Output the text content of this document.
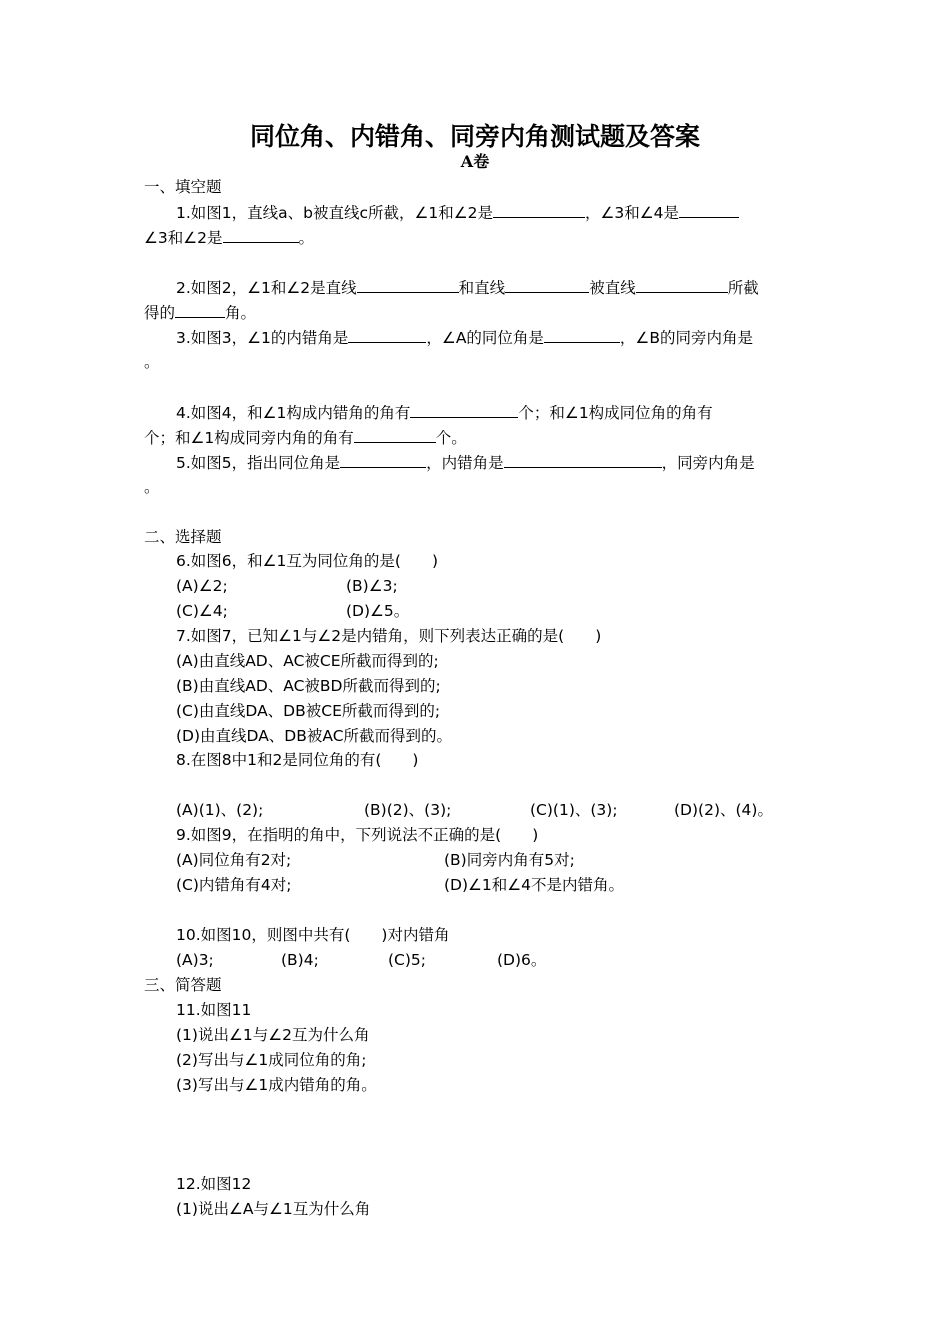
同位角、内错角、同旁内角测试题及答案
A卷
一、填空题
1.如图1，直线a、b被直线c所截，∠1和∠2是	，∠3和∠4是
∠3和∠2是	。
2.如图2，∠1和∠2是直线	和直线	被直线	所截
得的	角。
3.如图3，∠1的内错角是	，∠A的同位角是	，∠B的同旁内角是
。
4.如图4，和∠1构成内错角的角有	个；和∠1构成同位角的角有
个；和∠1构成同旁内角的角有	个。
5.如图5，指出同位角是	，内错角是	，同旁内角是
。
二、选择题
6.如图6，和∠1互为同位角的是(　　)
(A)∠2;	(B)∠3;
(C)∠4;	(D)∠5。
7.如图7，已知∠1与∠2是内错角，则下列表达正确的是(　　)
(A)由直线AD、AC被CE所截而得到的;
(B)由直线AD、AC被BD所截而得到的;
(C)由直线DA、DB被CE所截而得到的;
(D)由直线DA、DB被AC所截而得到的。
8.在图8中1和2是同位角的有(　　)
(A)(1)、(2);	(B)(2)、(3);	(C)(1)、(3);	(D)(2)、(4)。
9.如图9，在指明的角中，下列说法不正确的是(　　)
(A)同位角有2对;	(B)同旁内角有5对;
(C)内错角有4对;	(D)∠1和∠4不是内错角。
10.如图10，则图中共有(　　)对内错角
(A)3;	(B)4;	(C)5;	(D)6。
三、简答题
11.如图11
(1)说出∠1与∠2互为什么角
(2)写出与∠1成同位角的角;
(3)写出与∠1成内错角的角。
12.如图12
(1)说出∠A与∠1互为什么角
